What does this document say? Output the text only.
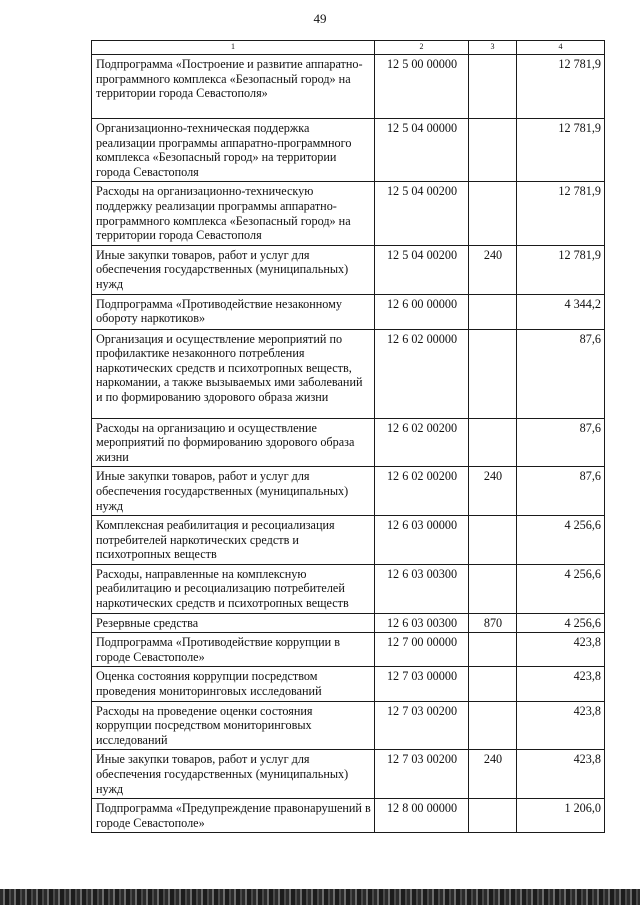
49
1	2	3	4
Подпрограмма «Построение и развитие аппаратно-программного комплекса «Безопасный город» на территории города Севастополя»	12 5 00 00000		12 781,9
Организационно-техническая поддержка реализации программы аппаратно-программного комплекса «Безопасный город» на территории города Севастополя	12 5 04 00000		12 781,9
Расходы на организационно-техническую поддержку реализации программы аппаратно-программного комплекса «Безопасный город» на территории города Севастополя	12 5 04 00200		12 781,9
Иные закупки товаров, работ и услуг для обеспечения государственных (муниципальных) нужд	12 5 04 00200	240	12 781,9
Подпрограмма «Противодействие незаконному обороту наркотиков»	12 6 00 00000		4 344,2
Организация и осуществление мероприятий по профилактике незаконного потребления наркотических средств и психотропных веществ, наркомании, а также вызываемых ими заболеваний и по формированию здорового образа жизни	12 6 02 00000		87,6
Расходы на организацию и осуществление мероприятий по формированию здорового образа жизни	12 6 02 00200		87,6
Иные закупки товаров, работ и услуг для обеспечения государственных (муниципальных) нужд	12 6 02 00200	240	87,6
Комплексная реабилитация и ресоциализация потребителей наркотических средств и психотропных веществ	12 6 03 00000		4 256,6
Расходы, направленные на комплексную реабилитацию и ресоциализацию потребителей наркотических средств и психотропных веществ	12 6 03 00300		4 256,6
Резервные средства	12 6 03 00300	870	4 256,6
Подпрограмма «Противодействие коррупции в городе Севастополе»	12 7 00 00000		423,8
Оценка состояния коррупции посредством проведения мониторинговых исследований	12 7 03 00000		423,8
Расходы на проведение оценки состояния коррупции посредством мониторинговых исследований	12 7 03 00200		423,8
Иные закупки товаров, работ и услуг для обеспечения государственных (муниципальных) нужд	12 7 03 00200	240	423,8
Подпрограмма «Предупреждение правонарушений в городе Севастополе»	12 8 00 00000		1 206,0
